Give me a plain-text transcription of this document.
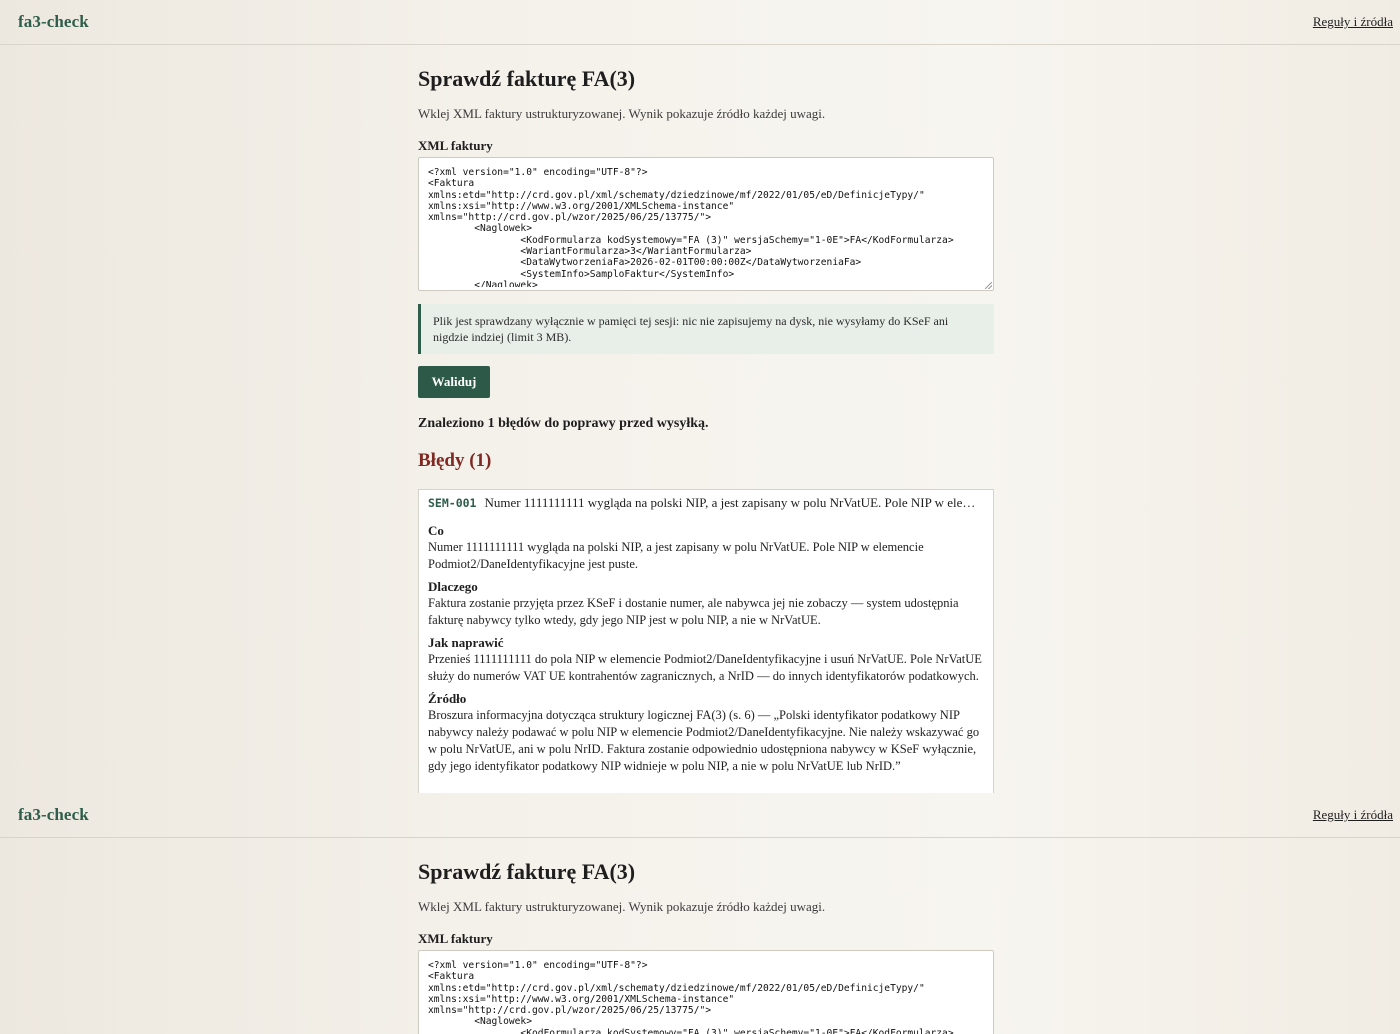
fa3-check	Reguły i źródła
Sprawdź fakturę FA(3)

Wklej XML faktury ustrukturyzowanej. Wynik pokazuje źródło każdej uwagi.

XML faktury
<?xml version="1.0" encoding="UTF-8"?> <Faktura xmlns:etd="http://crd.gov.pl/xml/schematy/dziedzinowe/mf/2022/01/05/eD/DefinicjeTypy/" xmlns:xsi="http://www.w3.org/2001/XMLSchema-instance" xmlns="http://crd.gov.pl/wzor/2025/06/25/13775/"> <Naglowek> <KodFormularza kodSystemowy="FA (3)" wersjaSchemy="1-0E">FA</KodFormularza> <WariantFormularza>3</WariantFormularza> <DataWytworzeniaFa>2026-02-01T00:00:00Z</DataWytworzeniaFa> <SystemInfo>SamploFaktur</SystemInfo> </Naglowek>
Plik jest sprawdzany wyłącznie w pamięci tej sesji: nic nie zapisujemy na dysk, nie wysyłamy do KSeF ani nigdzie indziej (limit 3 MB).
Waliduj

Znaleziono 1 błędów do poprawy przed wysyłką.

Błędy (1)
SEM-001 Numer 1111111111 wygląda na polski NIP, a jest zapisany w polu NrVatUE. Pole NIP w ele…
Co

Numer 1111111111 wygląda na polski NIP, a jest zapisany w polu NrVatUE. Pole NIP w elemencie Podmiot2/DaneIdentyfikacyjne jest puste.

Dlaczego

Faktura zostanie przyjęta przez KSeF i dostanie numer, ale nabywca jej nie zobaczy — system udostępnia fakturę nabywcy tylko wtedy, gdy jego NIP jest w polu NIP, a nie w NrVatUE.

Jak naprawić

Przenieś 1111111111 do pola NIP w elemencie Podmiot2/DaneIdentyfikacyjne i usuń NrVatUE. Pole NrVatUE służy do numerów VAT UE kontrahentów zagranicznych, a NrID — do innych identyfikatorów podatkowych.

Źródło

Broszura informacyjna dotycząca struktury logicznej FA(3) (s. 6) — „Polski identyfikator podatkowy NIP nabywcy należy podawać w polu NIP w elemencie Podmiot2/DaneIdentyfikacyjne. Nie należy wskazywać go w polu NrVatUE, ani w polu NrID. Faktura zostanie odpowiednio udostępniona nabywcy w KSeF wyłącznie, gdy jego identyfikator podatkowy NIP widnieje w polu NIP, a nie w polu NrVatUE lub NrID.”

fa3-check	Reguły i źródła
Sprawdź fakturę FA(3)

Wklej XML faktury ustrukturyzowanej. Wynik pokazuje źródło każdej uwagi.

XML faktury
<?xml version="1.0" encoding="UTF-8"?> <Faktura xmlns:etd="http://crd.gov.pl/xml/schematy/dziedzinowe/mf/2022/01/05/eD/DefinicjeTypy/" xmlns:xsi="http://www.w3.org/2001/XMLSchema-instance" xmlns="http://crd.gov.pl/wzor/2025/06/25/13775/"> <Naglowek> <KodFormularza kodSystemowy="FA (3)" wersjaSchemy="1-0E">FA</KodFormularza> <WariantFormularza>3</WariantFormularza> <DataWytworzeniaFa>2026-02-01T00:00:00Z</DataWytworzeniaFa> <SystemInfo>SamploFaktur</SystemInfo> </Naglowek>
